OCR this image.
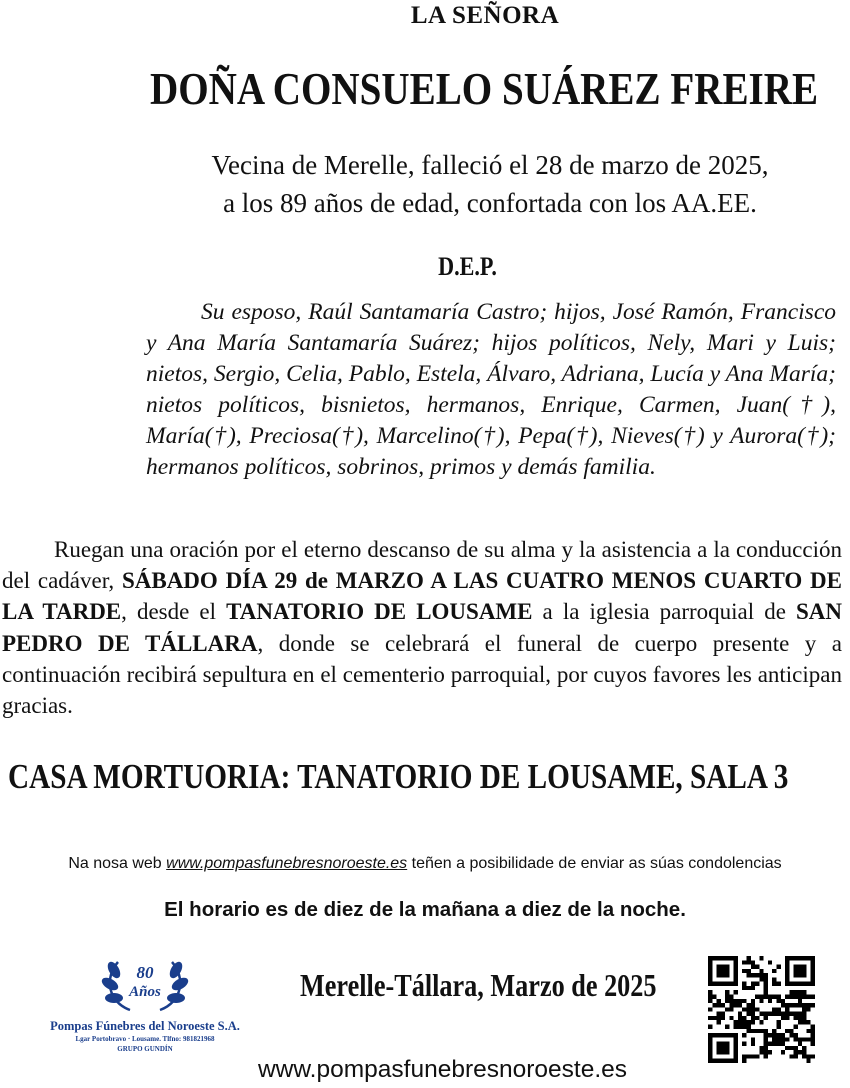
LA SEÑORA
DOÑA CONSUELO SUÁREZ FREIRE
Vecina de Merelle, falleció el 28 de marzo de 2025,
a los 89 años de edad, confortada con los AA.EE.
D.E.P.
Su esposo, Raúl Santamaría Castro; hijos, José Ramón, Francisco y Ana María Santamaría Suárez; hijos políticos, Nely, Mari y Luis; nietos, Sergio, Celia, Pablo, Estela, Álvaro, Adriana, Lucía y Ana María; nietos políticos, bisnietos, hermanos, Enrique, Carmen, Juan(†), María(†), Preciosa(†), Marcelino(†), Pepa(†), Nieves(†) y Aurora(†); hermanos políticos, sobrinos, primos y demás familia.
Ruegan una oración por el eterno descanso de su alma y la asistencia a la conducción del cadáver, SÁBADO DÍA 29 de MARZO A LAS CUATRO MENOS CUARTO DE LA TARDE, desde el TANATORIO DE LOUSAME a la iglesia parroquial de SAN PEDRO DE TÁLLARA, donde se celebrará el funeral de cuerpo presente y a continuación recibirá sepultura en el cementerio parroquial, por cuyos favores les anticipan gracias.
CASA MORTUORIA: TANATORIO DE LOUSAME, SALA 3
Na nosa web www.pompasfunebresnoroeste.es teñen a posibilidade de enviar as súas condolencias
El horario es de diez de la mañana a diez de la noche.
80
Años
Pompas Fúnebres del Noroeste S.A.
Lgar Portobravo · Lousame. Tlfno: 981821968
GRUPO GUNDÍN
Merelle-Tállara, Marzo de 2025
www.pompasfunebresnoroeste.es
